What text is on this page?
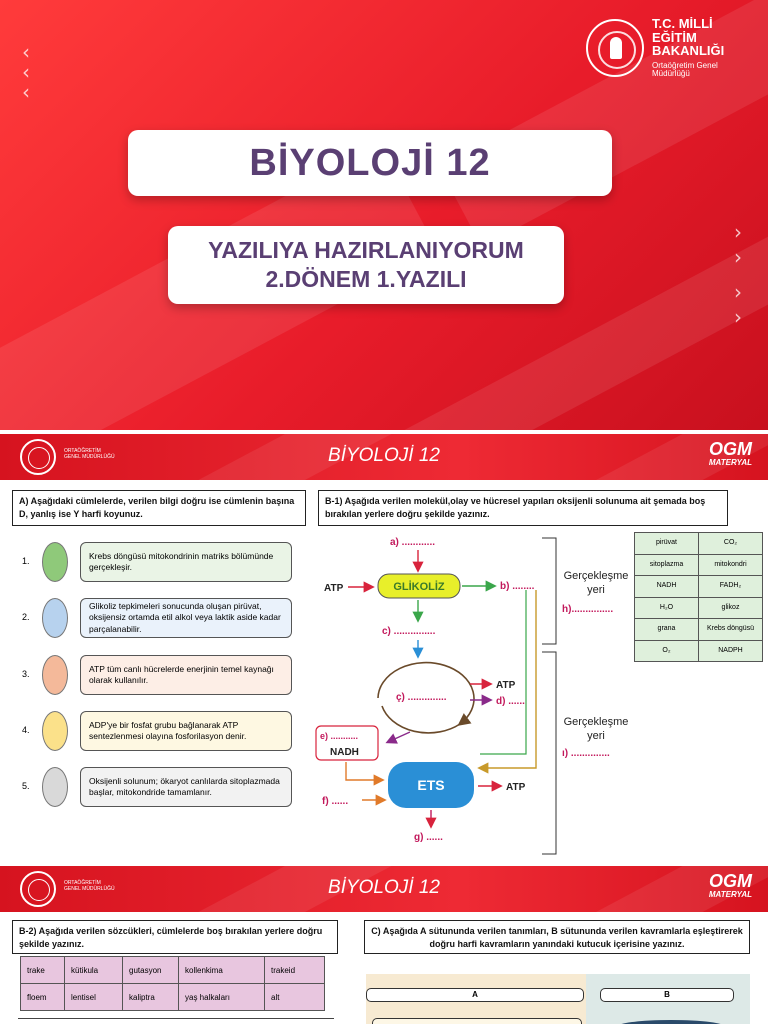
‹
‹
‹
›
›
›
›
T.C. MİLLİ EĞİTİM
BAKANLIĞI
Ortaöğretim Genel Müdürlüğü
BİYOLOJİ 12
YAZILIYA HAZIRLANIYORUM
2.DÖNEM 1.YAZILI
ORTAÖĞRETİM
GENEL MÜDÜRLÜĞÜ	BİYOLOJİ 12	OGM
MATERYAL
A) Aşağıdaki cümlelerde, verilen bilgi doğru ise cümlenin başına D, yanlış ise Y harfi koyunuz.
1.
Krebs döngüsü mitokondrinin matriks bölümünde gerçekleşir.
2.
Glikoliz tepkimeleri sonucunda oluşan pirüvat, oksijensiz ortamda etil alkol veya laktik aside kadar parçalanabilir.
3.
ATP tüm canlı hücrelerde enerjinin temel kaynağı olarak kullanılır.
4.
ADP'ye bir fosfat grubu bağlanarak ATP sentezlenmesi olayına fosforilasyon denir.
5.
Oksijenli solunum; ökaryot canlılarda sitoplazmada başlar, mitokondride tamamlanır.
B-1) Aşağıda verilen molekül,olay ve hücresel yapıları oksijenli solunuma ait şemada boş bırakılan yerlere doğru şekilde yazınız.
a) ............
ATP	GLİKOLİZ	b) ........
c) ...............
ç) ..............
ATP
d) ......
e) ...........
NADH
ETS	ATP
f) ......
g) ......
Gerçekleşme
yeri
h)...............
Gerçekleşme
yeri
ı) ..............
pirüvat	CO₂
sitoplazma	mitokondri
NADH	FADH₂
H₂O	glikoz
grana	Krebs döngüsü
O₂	NADPH
ORTAÖĞRETİM
GENEL MÜDÜRLÜĞÜ	BİYOLOJİ 12	OGM
MATERYAL
B-2) Aşağıda verilen sözcükleri, cümlelerde boş bırakılan yerlere doğru şekilde yazınız.
trake	kütikula	gutasyon	kollenkima	trakeid
floem	lentisel	kaliptra	yaş halkaları	alt
C) Aşağıda A sütununda verilen tanımları, B sütununda verilen kavramlarla eşleştirerek doğru harfi kavramların yanındaki kutucuk içerisine yazınız.
A	B
